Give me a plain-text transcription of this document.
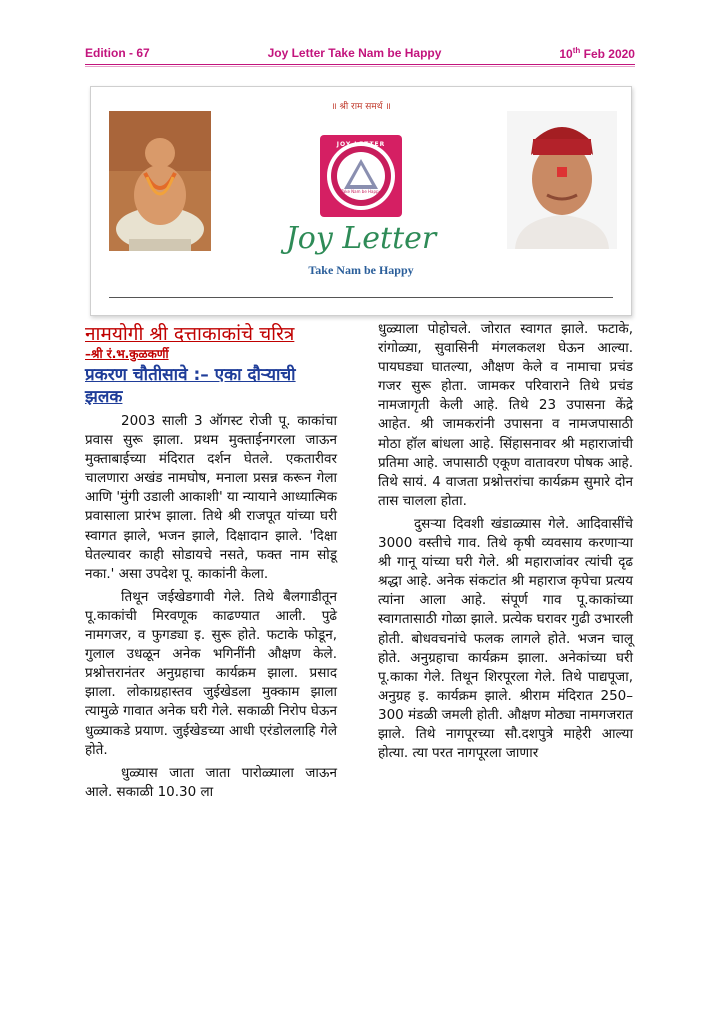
Edition - 67	Joy Letter Take Nam be Happy	10th Feb 2020
॥ श्री राम समर्थ ॥
JOY LETTER
Take Nam be Happy
Joy Letter
Take Nam be Happy
नामयोगी श्री दत्ताकाकांचे चरित्र

–श्री रं.भ.कुळकर्णी

प्रकरण चौतीसावे :– एका दौऱ्याची झलक

2003 साली 3 ऑगस्ट रोजी पू. काकांचा प्रवास सुरू झाला. प्रथम मुक्ताईनगरला जाऊन मुक्ताबाईच्या मंदिरात दर्शन घेतले. एकतारीवर चालणारा अखंड नामघोष, मनाला प्रसन्न करून गेला आणि 'मुंगी उडाली आकाशी' या न्यायाने आध्यात्मिक प्रवासाला प्रारंभ झाला. तिथे श्री राजपूत यांच्या घरी स्वागत झाले, भजन झाले, दिक्षादान झाले. 'दिक्षा घेतल्यावर काही सोडायचे नसते, फक्त नाम सोडू नका.' असा उपदेश पू. काकांनी केला.

तिथून जईखेडगावी गेले. तिथे बैलगाडीतून पू.काकांची मिरवणूक काढण्यात आली. पुढे नामगजर, व फुगड्या इ. सुरू होते. फटाके फोडून, गुलाल उधळून अनेक भगिनींनी औक्षण केले. प्रश्नोत्तरानंतर अनुग्रहाचा कार्यक्रम झाला. प्रसाद झाला. लोकाग्रहास्तव जुईखेडला मुक्काम झाला त्यामुळे गावात अनेक घरी गेले. सकाळी निरोप घेऊन धुळ्याकडे प्रयाण. जुईखेडच्या आधी एरंडोललाहि गेले होते.

धुळ्यास जाता जाता पारोळ्याला जाऊन आले. सकाळी 10.30 ला

धुळ्याला पोहोचले. जोरात स्वागत झाले. फटाके, रांगोळ्या, सुवासिनी मंगलकलश घेऊन आल्या. पायघड्या घातल्या, औक्षण केले व नामाचा प्रचंड गजर सुरू होता. जामकर परिवाराने तिथे प्रचंड नामजागृती केली आहे. तिथे 23 उपासना केंद्रे आहेत. श्री जामकरांनी उपासना व नामजपासाठी मोठा हॉल बांधला आहे. सिंहासनावर श्री महाराजांची प्रतिमा आहे. जपासाठी एकूण वातावरण पोषक आहे. तिथे सायं. 4 वाजता प्रश्नोत्तरांचा कार्यक्रम सुमारे दोन तास चालला होता.

दुसऱ्या दिवशी खंडाळ्यास गेले. आदिवासींचे 3000 वस्तीचे गाव. तिथे कृषी व्यवसाय करणाऱ्या श्री गानू यांच्या घरी गेले. श्री महाराजांवर त्यांची दृढ श्रद्धा आहे. अनेक संकटांत श्री महाराज कृपेचा प्रत्यय त्यांना आला आहे. संपूर्ण गाव पू.काकांच्या स्वागतासाठी गोळा झाले. प्रत्येक घरावर गुढी उभारली होती. बोधवचनांचे फलक लागले होते. भजन चालू होते. अनुग्रहाचा कार्यक्रम झाला. अनेकांच्या घरी पू.काका गेले. तिथून शिरपूरला गेले. तिथे पाद्यपूजा, अनुग्रह इ. कार्यक्रम झाले. श्रीराम मंदिरात 250–300 मंडळी जमली होती. औक्षण मोठ्या नामगजरात झाले. तिथे नागपूरच्या सौ.दशपुत्रे माहेरी आल्या होत्या. त्या परत नागपूरला जाणार
